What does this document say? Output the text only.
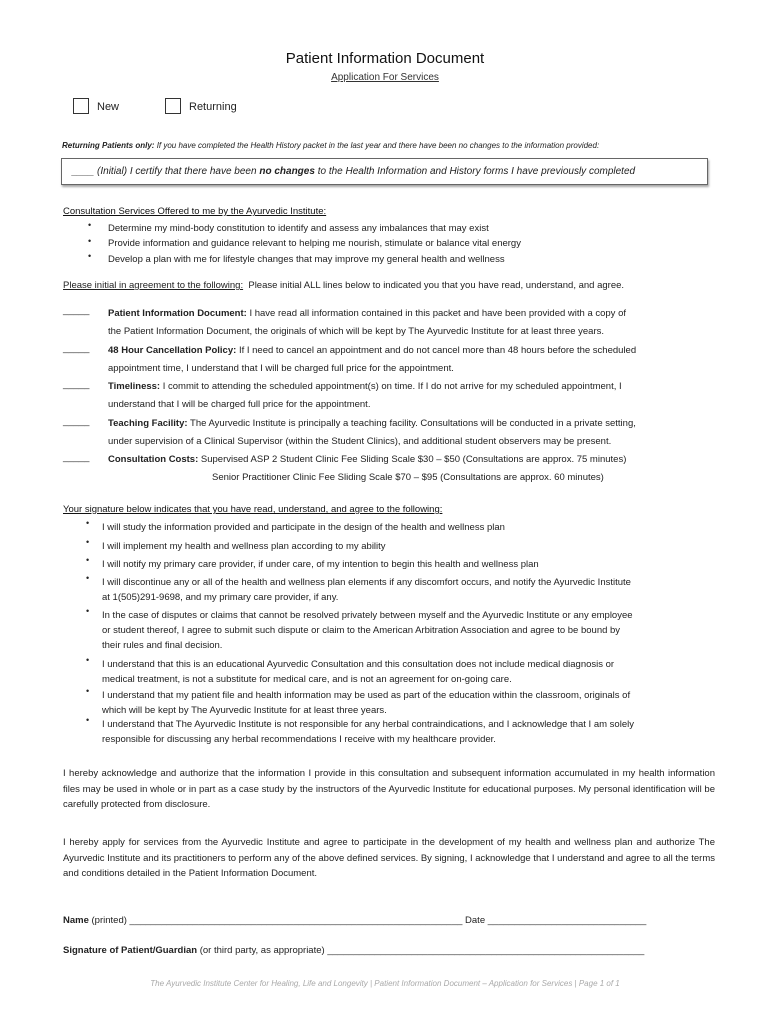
Patient Information Document
Application For Services
New	Returning
Returning Patients only: If you have completed the Health History packet in the last year and there have been no changes to the information provided:
____ (Initial) I certify that there have been no changes to the Health Information and History forms I have previously completed
Consultation Services Offered to me by the Ayurvedic Institute:
• Determine my mind-body constitution to identify and assess any imbalances that may exist
• Provide information and guidance relevant to helping me nourish, stimulate or balance vital energy
• Develop a plan with me for lifestyle changes that may improve my general health and wellness
Please initial in agreement to the following: Please initial ALL lines below to indicated you that you have read, understand, and agree.
_____ Patient Information Document: I have read all information contained in this packet and have been provided with a copy of
the Patient Information Document, the originals of which will be kept by The Ayurvedic Institute for at least three years.
_____ 48 Hour Cancellation Policy: If I need to cancel an appointment and do not cancel more than 48 hours before the scheduled
appointment time, I understand that I will be charged full price for the appointment.
_____ Timeliness: I commit to attending the scheduled appointment(s) on time. If I do not arrive for my scheduled appointment, I
understand that I will be charged full price for the appointment.
_____ Teaching Facility: The Ayurvedic Institute is principally a teaching facility. Consultations will be conducted in a private setting,
under supervision of a Clinical Supervisor (within the Student Clinics), and additional student observers may be present.
_____ Consultation Costs: Supervised ASP 2 Student Clinic Fee Sliding Scale $30 – $50 (Consultations are approx. 75 minutes)
Senior Practitioner Clinic Fee Sliding Scale $70 – $95 (Consultations are approx. 60 minutes)
Your signature below indicates that you have read, understand, and agree to the following:
• I will study the information provided and participate in the design of the health and wellness plan
• I will implement my health and wellness plan according to my ability
• I will notify my primary care provider, if under care, of my intention to begin this health and wellness plan
• I will discontinue any or all of the health and wellness plan elements if any discomfort occurs, and notify the Ayurvedic Institute
at 1(505)291-9698, and my primary care provider, if any.
• In the case of disputes or claims that cannot be resolved privately between myself and the Ayurvedic Institute or any employee
or student thereof, I agree to submit such dispute or claim to the American Arbitration Association and agree to be bound by
their rules and final decision.
• I understand that this is an educational Ayurvedic Consultation and this consultation does not include medical diagnosis or
medical treatment, is not a substitute for medical care, and is not an agreement for on-going care.
• I understand that my patient file and health information may be used as part of the education within the classroom, originals of
which will be kept by The Ayurvedic Institute for at least three years.
• I understand that The Ayurvedic Institute is not responsible for any herbal contraindications, and I acknowledge that I am solely
responsible for discussing any herbal recommendations I receive with my healthcare provider.
I hereby acknowledge and authorize that the information I provide in this consultation and subsequent information accumulated in my health information files may be used in whole or in part as a case study by the instructors of the Ayurvedic Institute for educational purposes. My personal identification will be carefully protected from disclosure.
I hereby apply for services from the Ayurvedic Institute and agree to participate in the development of my health and wellness plan and authorize The Ayurvedic Institute and its practitioners to perform any of the above defined services. By signing, I acknowledge that I understand and agree to all the terms and conditions detailed in the Patient Information Document.
Name (printed) _______________________________________________________________ Date ______________________________
Signature of Patient/Guardian (or third party, as appropriate) ____________________________________________________________
The Ayurvedic Institute Center for Healing, Life and Longevity | Patient Information Document – Application for Services | Page 1 of 1
